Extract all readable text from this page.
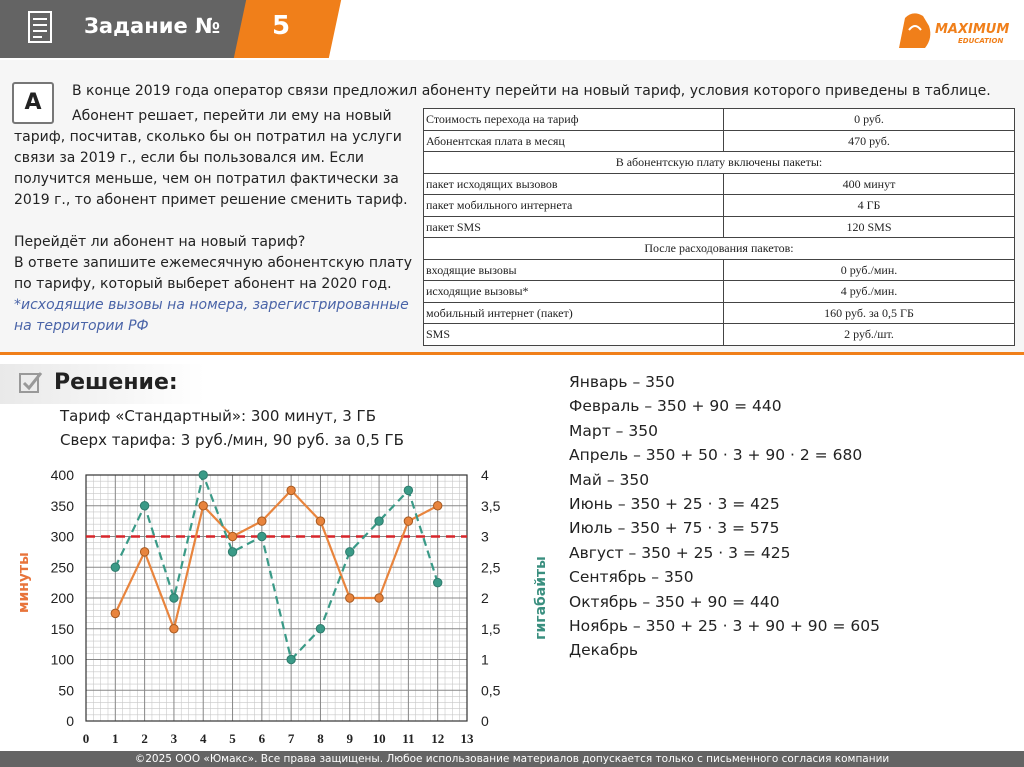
Задание № 5	MAXIMUM
EDUCATION
А	В конце 2019 года оператор связи предложил абоненту перейти на новый тариф, условия которого приведены в таблице.

Абонент решает, перейти ли ему на новый

тариф, посчитав, сколько бы он потратил на услуги

связи за 2019 г., если бы пользовался им. Если

получится меньше, чем он потратил фактически за

2019 г., то абонент примет решение сменить тариф.

Перейдёт ли абонент на новый тариф?

В ответе запишите ежемесячную абонентскую плату

по тарифу, который выберет абонент на 2020 год.

*исходящие вызовы на номера, зарегистрированные

на территории РФ

Стоимость перехода на тариф	0 руб.
Абонентская плата в месяц	470 руб.
В абонентскую плату включены пакеты:	
пакет исходящих вызовов	400 минут
пакет мобильного интернета	4 ГБ
пакет SMS	120 SMS
После расходования пакетов:	
входящие вызовы	0 руб./мин.
исходящие вызовы*	4 руб./мин.
мобильный интернет (пакет)	160 руб. за 0,5 ГБ
SMS	2 руб./шт.
Решение:
Тариф «Стандартный»: 300 минут, 3 ГБ
Сверх тарифа: 3 руб./мин, 90 руб. за 0,5 ГБ
Январь – 350
Февраль – 350 + 90 = 440
Март – 350
Апрель – 350 + 50 · 3 + 90 · 2 = 680
Май – 350
Июнь – 350 + 25 · 3 = 425
Июль – 350 + 75 · 3 = 575
Август – 350 + 25 · 3 = 425
Сентябрь – 350
Октябрь – 350 + 90 = 440
Ноябрь – 350 + 25 · 3 + 90 + 90 = 605
Декабрь
0
50
100
150
200
250
300
350
400
0
0,5
1
1,5
2
2,5
3
3,5
4
0 1 2 3 4 5 6 7 8 9 10 11 12 13
минуты	гигабайты
©2025 ООО «Юмакс». Все права защищены. Любое использование материалов допускается только с письменного согласия компании
